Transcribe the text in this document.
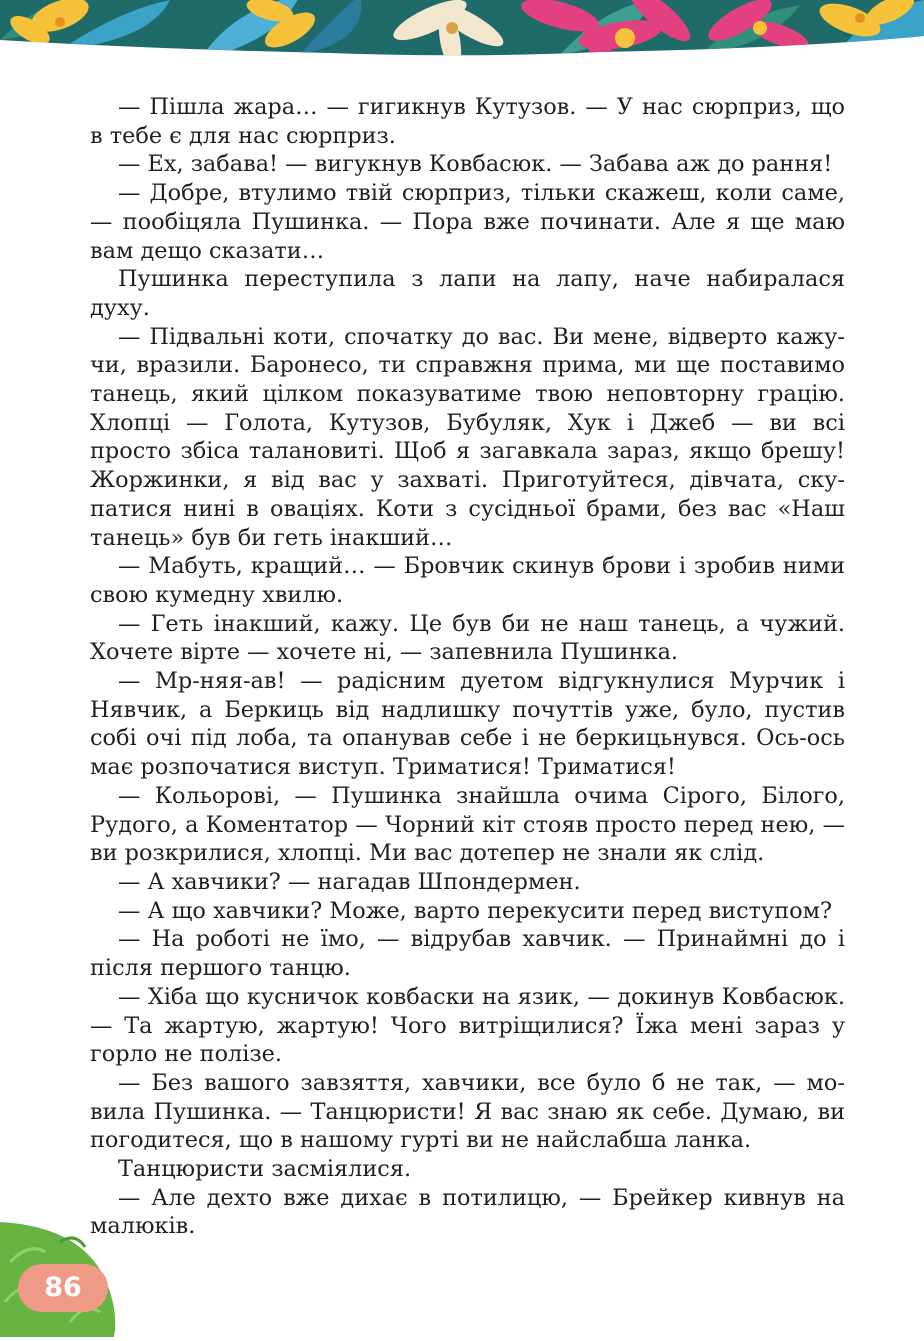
— Пішла жара… — гигикнув Кутузов. — У нас сюрприз, що в тебе є для нас сюрприз.

— Ех, забава! — вигукнув Ковбасюк. — Забава аж до рання!

— Добре, втулимо твій сюрприз, тільки скажеш, коли саме, — пообіцяла Пушинка. — Пора вже починати. Але я ще маю вам дещо сказати…

Пушинка переступила з лапи на лапу, наче набиралася духу.

— Підвальні коти, спочатку до вас. Ви мене, відверто кажучи, вразили. Баронесо, ти справжня прима, ми ще поставимо танець, який цілком показуватиме твою неповторну грацію. Хлопці — Голота, Кутузов, Бубуляк, Хук і Джеб — ви всі просто збіса талановиті. Щоб я загавкала зараз, якщо брешу! Жоржинки, я від вас у захваті. Приготуйтеся, дівчата, скупатися нині в оваціях. Коти з сусідньої брами, без вас «Наш танець» був би геть інакший…

— Мабуть, кращий… — Бровчик скинув брови і зробив ними свою кумедну хвилю.

— Геть інакший, кажу. Це був би не наш танець, а чужий. Хочете вірте — хочете ні, — запевнила Пушинка.

— Мр-няя-ав! — радісним дуетом відгукнулися Мурчик і Нявчик, а Беркиць від надлишку почуттів уже, було, пустив собі очі під лоба, та опанував себе і не беркицьнувся. Ось-ось має розпочатися виступ. Триматися! Триматися!

— Кольорові, — Пушинка знайшла очима Сірого, Білого, Рудого, а Коментатор — Чорний кіт стояв просто перед нею, — ви розкрилися, хлопці. Ми вас дотепер не знали як слід.

— А хавчики? — нагадав Шпондермен.

— А що хавчики? Може, варто перекусити перед виступом?

— На роботі не їмо, — відрубав хавчик. — Принаймні до і після першого танцю.

— Хіба що кусничок ковбаски на язик, — докинув Ковбасюк. — Та жартую, жартую! Чого витріщилися? Їжа мені зараз у горло не полізе.

— Без вашого завзяття, хавчики, все було б не так, — мовила Пушинка. — Танцюристи! Я вас знаю як себе. Думаю, ви погодитеся, що в нашому гурті ви не найслабша ланка.

Танцюристи засміялися.

— Але дехто вже дихає в потилицю, — Брейкер кивнув на малюків.

86
